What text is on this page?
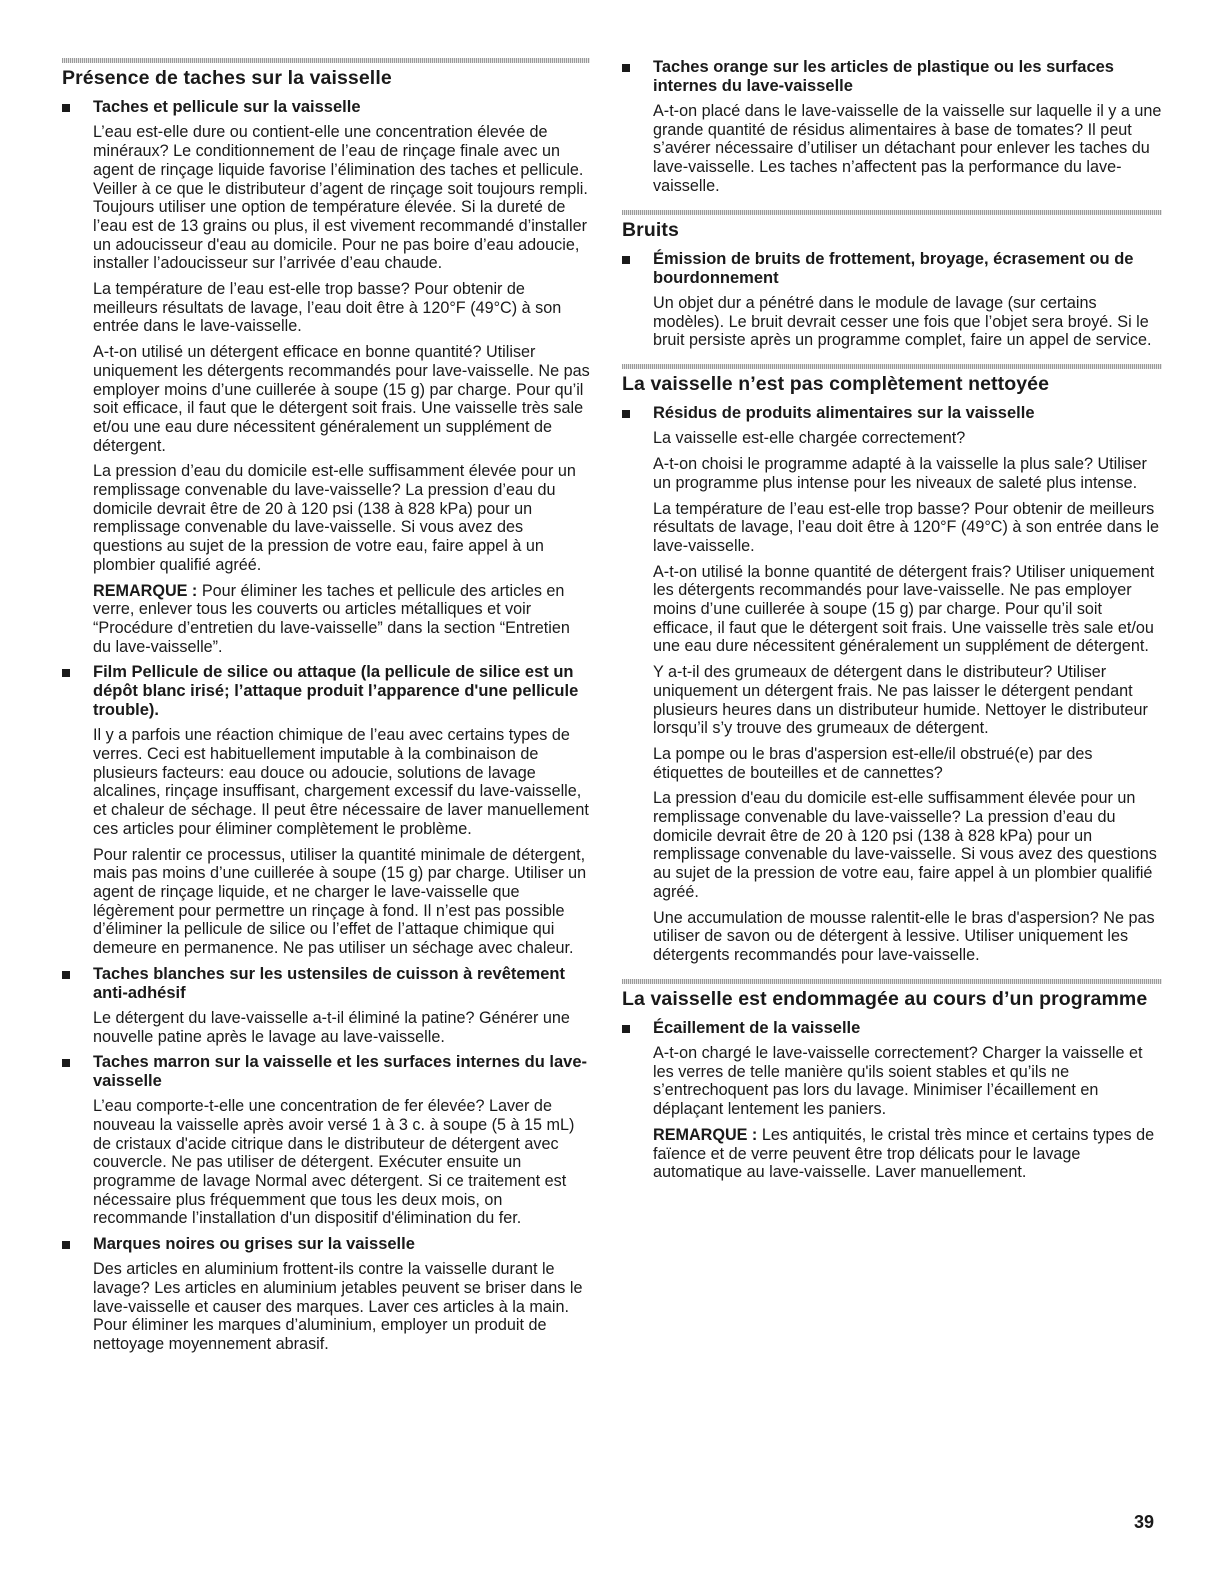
Présence de taches sur la vaisselle
Taches et pellicule sur la vaisselle

L’eau est-elle dure ou contient-elle une concentration élevée de minéraux? Le conditionnement de l’eau de rinçage finale avec un agent de rinçage liquide favorise l’élimination des taches et pellicule. Veiller à ce que le distributeur d’agent de rinçage soit toujours rempli. Toujours utiliser une option de température élevée. Si la dureté de l’eau est de 13 grains ou plus, il est vivement recommandé d’installer un adoucisseur d'eau au domicile. Pour ne pas boire d’eau adoucie, installer l’adoucisseur sur l’arrivée d’eau chaude.

La température de l’eau est-elle trop basse? Pour obtenir de meilleurs résultats de lavage, l’eau doit être à 120°F (49°C) à son entrée dans le lave-vaisselle.

A-t-on utilisé un détergent efficace en bonne quantité? Utiliser uniquement les détergents recommandés pour lave-vaisselle. Ne pas employer moins d’une cuillerée à soupe (15 g) par charge. Pour qu’il soit efficace, il faut que le détergent soit frais. Une vaisselle très sale et/ou une eau dure nécessitent généralement un supplément de détergent.

La pression d’eau du domicile est-elle suffisamment élevée pour un remplissage convenable du lave-vaisselle? La pression d’eau du domicile devrait être de 20 à 120 psi (138 à 828 kPa) pour un remplissage convenable du lave-vaisselle. Si vous avez des questions au sujet de la pression de votre eau, faire appel à un plombier qualifié agréé.

REMARQUE : Pour éliminer les taches et pellicule des articles en verre, enlever tous les couverts ou articles métalliques et voir “Procédure d’entretien du lave-vaisselle” dans la section “Entretien du lave-vaisselle”.

Film Pellicule de silice ou attaque (la pellicule de silice est un dépôt blanc irisé; l’attaque produit l’apparence d'une pellicule trouble).

Il y a parfois une réaction chimique de l’eau avec certains types de verres. Ceci est habituellement imputable à la combinaison de plusieurs facteurs: eau douce ou adoucie, solutions de lavage alcalines, rinçage insuffisant, chargement excessif du lave-vaisselle, et chaleur de séchage. Il peut être nécessaire de laver manuellement ces articles pour éliminer complètement le problème.

Pour ralentir ce processus, utiliser la quantité minimale de détergent, mais pas moins d’une cuillerée à soupe (15 g) par charge. Utiliser un agent de rinçage liquide, et ne charger le lave-vaisselle que légèrement pour permettre un rinçage à fond. Il n’est pas possible d’éliminer la pellicule de silice ou l’effet de l’attaque chimique qui demeure en permanence. Ne pas utiliser un séchage avec chaleur.

Taches blanches sur les ustensiles de cuisson à revêtement anti-adhésif

Le détergent du lave-vaisselle a-t-il éliminé la patine? Générer une nouvelle patine après le lavage au lave-vaisselle.

Taches marron sur la vaisselle et les surfaces internes du lave-vaisselle

L’eau comporte-t-elle une concentration de fer élevée? Laver de nouveau la vaisselle après avoir versé 1 à 3 c. à soupe (5 à 15 mL) de cristaux d'acide citrique dans le distributeur de détergent avec couvercle. Ne pas utiliser de détergent. Exécuter ensuite un programme de lavage Normal avec détergent. Si ce traitement est nécessaire plus fréquemment que tous les deux mois, on recommande l’installation d'un dispositif d'élimination du fer.

Marques noires ou grises sur la vaisselle

Des articles en aluminium frottent-ils contre la vaisselle durant le lavage? Les articles en aluminium jetables peuvent se briser dans le lave-vaisselle et causer des marques. Laver ces articles à la main. Pour éliminer les marques d’aluminium, employer un produit de nettoyage moyennement abrasif.

Taches orange sur les articles de plastique ou les surfaces internes du lave-vaisselle

A-t-on placé dans le lave-vaisselle de la vaisselle sur laquelle il y a une grande quantité de résidus alimentaires à base de tomates? Il peut s’avérer nécessaire d’utiliser un détachant pour enlever les taches du lave-vaisselle. Les taches n’affectent pas la performance du lave-vaisselle.

Bruits
Émission de bruits de frottement, broyage, écrasement ou de bourdonnement

Un objet dur a pénétré dans le module de lavage (sur certains modèles). Le bruit devrait cesser une fois que l’objet sera broyé. Si le bruit persiste après un programme complet, faire un appel de service.

La vaisselle n’est pas complètement nettoyée
Résidus de produits alimentaires sur la vaisselle

La vaisselle est-elle chargée correctement?

A-t-on choisi le programme adapté à la vaisselle la plus sale? Utiliser un programme plus intense pour les niveaux de saleté plus intense.

La température de l’eau est-elle trop basse? Pour obtenir de meilleurs résultats de lavage, l’eau doit être à 120°F (49°C) à son entrée dans le lave-vaisselle.

A-t-on utilisé la bonne quantité de détergent frais? Utiliser uniquement les détergents recommandés pour lave-vaisselle. Ne pas employer moins d’une cuillerée à soupe (15 g) par charge. Pour qu’il soit efficace, il faut que le détergent soit frais. Une vaisselle très sale et/ou une eau dure nécessitent généralement un supplément de détergent.

Y a-t-il des grumeaux de détergent dans le distributeur? Utiliser uniquement un détergent frais. Ne pas laisser le détergent pendant plusieurs heures dans un distributeur humide. Nettoyer le distributeur lorsqu’il s’y trouve des grumeaux de détergent.

La pompe ou le bras d'aspersion est-elle/il obstrué(e) par des étiquettes de bouteilles et de cannettes?

La pression d'eau du domicile est-elle suffisamment élevée pour un remplissage convenable du lave-vaisselle? La pression d’eau du domicile devrait être de 20 à 120 psi (138 à 828 kPa) pour un remplissage convenable du lave-vaisselle. Si vous avez des questions au sujet de la pression de votre eau, faire appel à un plombier qualifié agréé.

Une accumulation de mousse ralentit-elle le bras d'aspersion? Ne pas utiliser de savon ou de détergent à lessive. Utiliser uniquement les détergents recommandés pour lave-vaisselle.

La vaisselle est endommagée au cours d’un programme
Écaillement de la vaisselle

A-t-on chargé le lave-vaisselle correctement? Charger la vaisselle et les verres de telle manière qu'ils soient stables et qu’ils ne s’entrechoquent pas lors du lavage. Minimiser l’écaillement en déplaçant lentement les paniers.

REMARQUE : Les antiquités, le cristal très mince et certains types de faïence et de verre peuvent être trop délicats pour le lavage automatique au lave-vaisselle. Laver manuellement.

39
